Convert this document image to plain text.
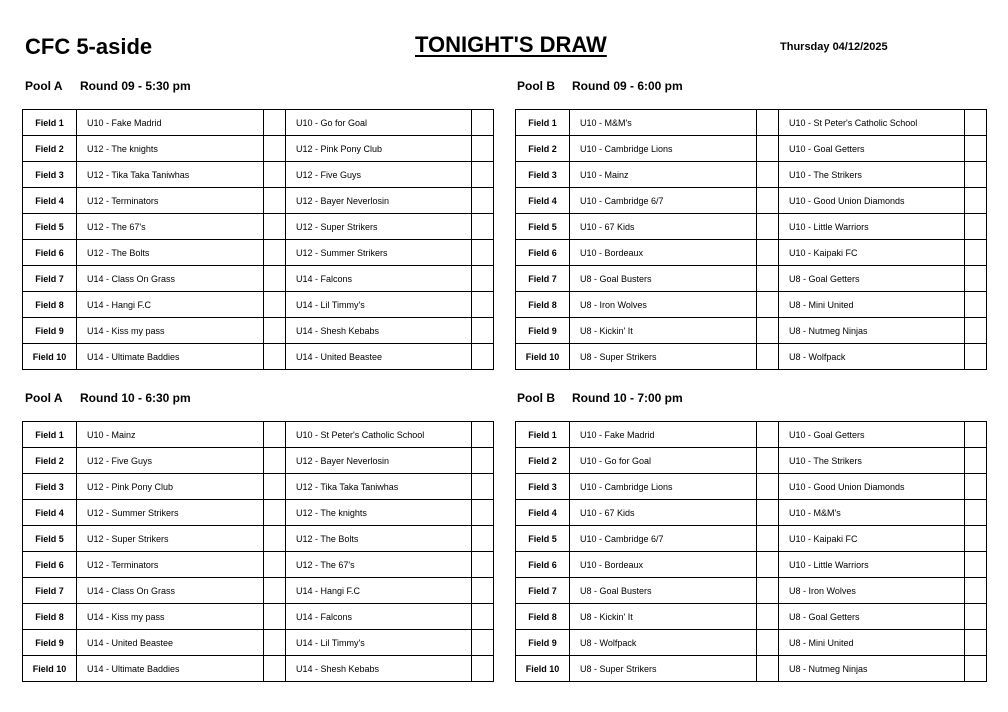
CFC 5-aside	TONIGHT'S DRAW	Thursday 04/12/2025
Pool A Round 09 - 5:30 pm
Field 1	U10 - Fake Madrid		U10 - Go for Goal	
Field 2	U12 - The knights		U12 - Pink Pony Club	
Field 3	U12 - Tika Taka Taniwhas		U12 - Five Guys	
Field 4	U12 - Terminators		U12 - Bayer Neverlosin	
Field 5	U12 - The 67's		U12 - Super Strikers	
Field 6	U12 - The Bolts		U12 - Summer Strikers	
Field 7	U14 - Class On Grass		U14 - Falcons	
Field 8	U14 - Hangi F.C		U14 - Lil Timmy's	
Field 9	U14 - Kiss my pass		U14 - Shesh Kebabs	
Field 10	U14 - Ultimate Baddies		U14 - United Beastee	
Pool B Round 09 - 6:00 pm
Field 1	U10 - M&M's		U10 - St Peter's Catholic School	
Field 2	U10 - Cambridge Lions		U10 - Goal Getters	
Field 3	U10 - Mainz		U10 - The Strikers	
Field 4	U10 - Cambridge 6/7		U10 - Good Union Diamonds	
Field 5	U10 - 67 Kids		U10 - Little Warriors	
Field 6	U10 - Bordeaux		U10 - Kaipaki FC	
Field 7	U8 - Goal Busters		U8 - Goal Getters	
Field 8	U8 - Iron Wolves		U8 - Mini United	
Field 9	U8 - Kickin' It		U8 - Nutmeg Ninjas	
Field 10	U8 - Super Strikers		U8 - Wolfpack	
Pool A Round 10 - 6:30 pm
Field 1	U10 - Mainz		U10 - St Peter's Catholic School	
Field 2	U12 - Five Guys		U12 - Bayer Neverlosin	
Field 3	U12 - Pink Pony Club		U12 - Tika Taka Taniwhas	
Field 4	U12 - Summer Strikers		U12 - The knights	
Field 5	U12 - Super Strikers		U12 - The Bolts	
Field 6	U12 - Terminators		U12 - The 67's	
Field 7	U14 - Class On Grass		U14 - Hangi F.C	
Field 8	U14 - Kiss my pass		U14 - Falcons	
Field 9	U14 - United Beastee		U14 - Lil Timmy's	
Field 10	U14 - Ultimate Baddies		U14 - Shesh Kebabs	
Pool B Round 10 - 7:00 pm
Field 1	U10 - Fake Madrid		U10 - Goal Getters	
Field 2	U10 - Go for Goal		U10 - The Strikers	
Field 3	U10 - Cambridge Lions		U10 - Good Union Diamonds	
Field 4	U10 - 67 Kids		U10 - M&M's	
Field 5	U10 - Cambridge 6/7		U10 - Kaipaki FC	
Field 6	U10 - Bordeaux		U10 - Little Warriors	
Field 7	U8 - Goal Busters		U8 - Iron Wolves	
Field 8	U8 - Kickin' It		U8 - Goal Getters	
Field 9	U8 - Wolfpack		U8 - Mini United	
Field 10	U8 - Super Strikers		U8 - Nutmeg Ninjas	
